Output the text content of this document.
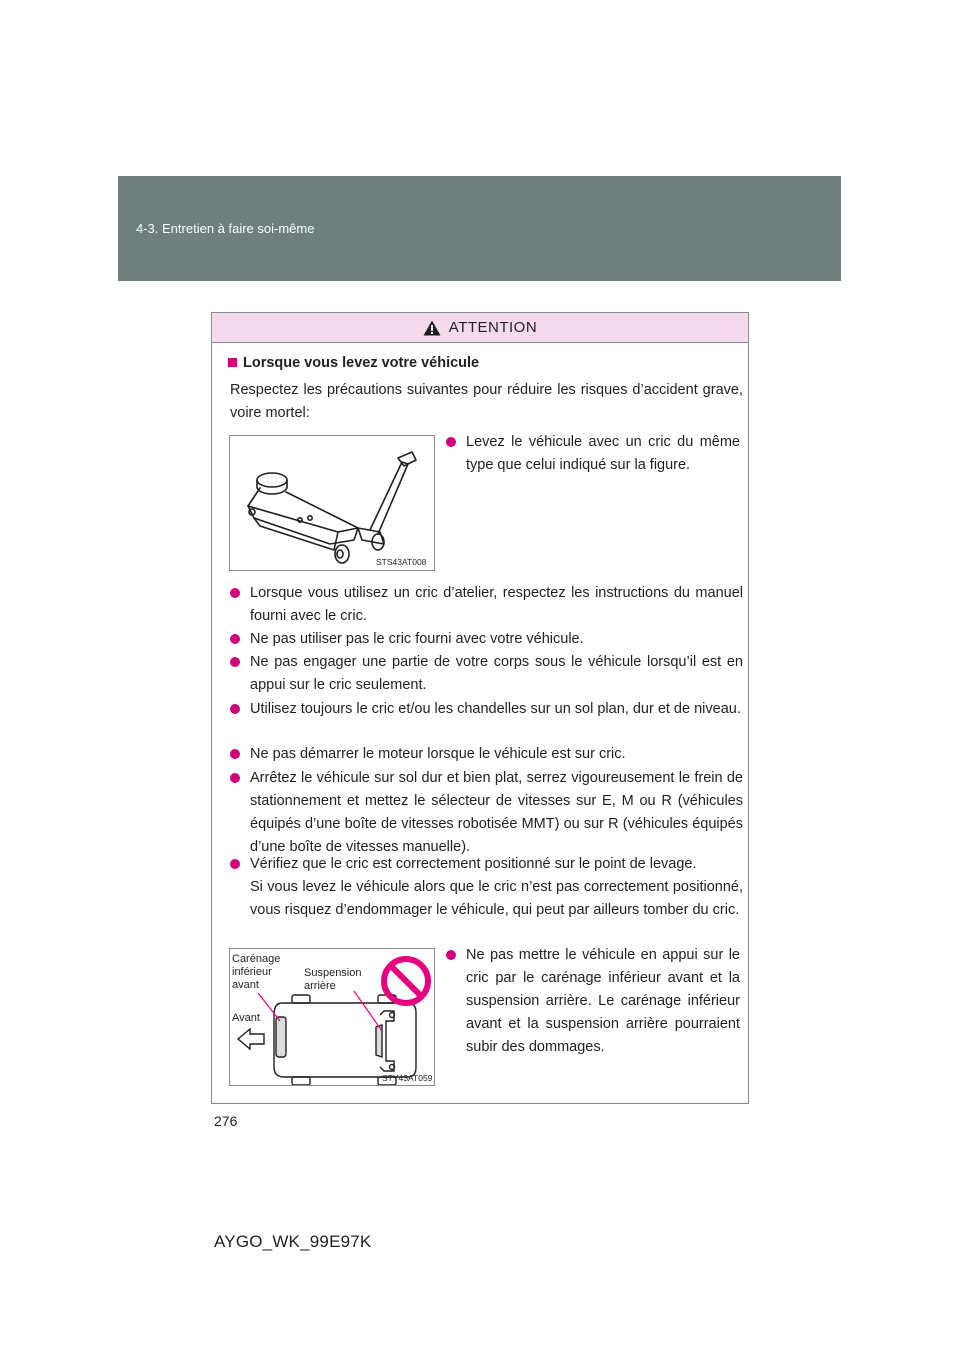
4-3. Entretien à faire soi-même
ATTENTION
Lorsque vous levez votre véhicule
Respectez les précautions suivantes pour réduire les risques d’accident grave, voire mortel:
STS43AT008
Levez le véhicule avec un cric du même type que celui indiqué sur la figure.
Lorsque vous utilisez un cric d’atelier, respectez les instructions du manuel fourni avec le cric.
Ne pas utiliser pas le cric fourni avec votre véhicule.
Ne pas engager une partie de votre corps sous le véhicule lorsqu’il est en appui sur le cric seulement.
Utilisez toujours le cric et/ou les chandelles sur un sol plan, dur et de niveau.
Ne pas démarrer le moteur lorsque le véhicule est sur cric.
Arrêtez le véhicule sur sol dur et bien plat, serrez vigoureusement le frein de stationnement et mettez le sélecteur de vitesses sur E, M ou R (véhicules équipés d’une boîte de vitesses robotisée MMT) ou sur R (véhicules équipés d’une boîte de vitesses manuelle).
Vérifiez que le cric est correctement positionné sur le point de levage.
Si vous levez le véhicule alors que le cric n’est pas correctement positionné, vous risquez d’endommager le véhicule, qui peut par ailleurs tomber du cric.
Carénage
inférieur
avant
Suspension
arrière
Avant
STY43AT059
Ne pas mettre le véhicule en appui sur le cric par le carénage inférieur avant et la suspension arrière. Le carénage inférieur avant et la suspension arrière pourraient subir des dommages.
276
AYGO_WK_99E97K
